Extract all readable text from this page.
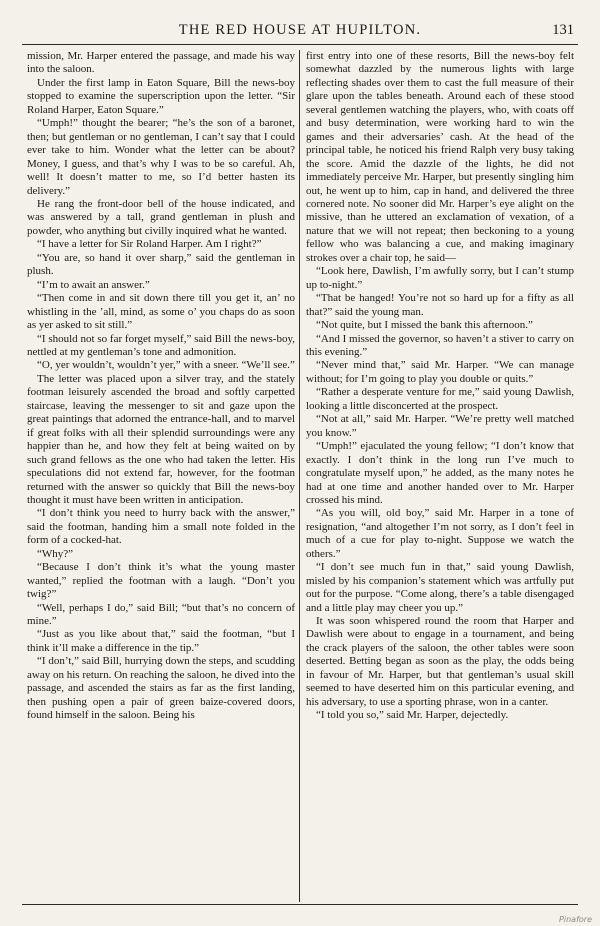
THE RED HOUSE AT HUPILTON.	131

mission, Mr. Harper entered the passage, and made his way into the saloon.

Under the first lamp in Eaton Square, Bill the news-boy stopped to examine the superscription upon the letter. “Sir Roland Harper, Eaton Square.”

“Umph!” thought the bearer; “he’s the son of a baronet, then; but gentleman or no gentleman, I can’t say that I could ever take to him. Wonder what the letter can be about? Money, I guess, and that’s why I was to be so careful. Ah, well! It doesn’t matter to me, so I’d better hasten its delivery.”

He rang the front-door bell of the house indicated, and was answered by a tall, grand gentleman in plush and powder, who anything but civilly inquired what he wanted.

“I have a letter for Sir Roland Harper. Am I right?”

“You are, so hand it over sharp,” said the gentleman in plush.

“I’m to await an answer.”

“Then come in and sit down there till you get it, an’ no whistling in the ’all, mind, as some o’ you chaps do as soon as yer asked to sit still.”

“I should not so far forget myself,” said Bill the news-boy, nettled at my gentleman’s tone and admonition.

“O, yer wouldn’t, wouldn’t yer,” with a sneer. “We’ll see.”

The letter was placed upon a silver tray, and the stately footman leisurely ascended the broad and softly carpetted staircase, leaving the messenger to sit and gaze upon the great paintings that adorned the entrance-hall, and to marvel if great folks with all their splendid surroundings were any happier than he, and how they felt at being waited on by such grand fellows as the one who had taken the letter. His speculations did not extend far, however, for the footman returned with the answer so quickly that Bill the news-boy thought it must have been written in anticipation.

“I don’t think you need to hurry back with the answer,” said the footman, handing him a small note folded in the form of a cocked-hat.

“Why?”

“Because I don’t think it’s what the young master wanted,” replied the footman with a laugh. “Don’t you twig?”

“Well, perhaps I do,” said Bill; “but that’s no concern of mine.”

“Just as you like about that,” said the footman, “but I think it’ll make a difference in the tip.”

“I don’t,” said Bill, hurrying down the steps, and scudding away on his return. On reaching the saloon, he dived into the passage, and ascended the stairs as far as the first landing, then pushing open a pair of green baize-covered doors, found himself in the saloon. Being his

first entry into one of these resorts, Bill the news-boy felt somewhat dazzled by the numerous lights with large reflecting shades over them to cast the full measure of their glare upon the tables beneath. Around each of these stood several gentlemen watching the players, who, with coats off and busy determination, were working hard to win the games and their adversaries’ cash. At the head of the principal table, he noticed his friend Ralph very busy taking the score. Amid the dazzle of the lights, he did not immediately perceive Mr. Harper, but presently singling him out, he went up to him, cap in hand, and delivered the three cornered note. No sooner did Mr. Harper’s eye alight on the missive, than he uttered an exclamation of vexation, of a nature that we will not repeat; then beckoning to a young fellow who was balancing a cue, and making imaginary strokes over a chair top, he said—

“Look here, Dawlish, I’m awfully sorry, but I can’t stump up to-night.”

“That be hanged! You’re not so hard up for a fifty as all that?” said the young man.

“Not quite, but I missed the bank this afternoon.”

“And I missed the governor, so haven’t a stiver to carry on this evening.”

“Never mind that,” said Mr. Harper. “We can manage without; for I’m going to play you double or quits.”

“Rather a desperate venture for me,” said young Dawlish, looking a little disconcerted at the prospect.

“Not at all,” said Mr. Harper. “We’re pretty well matched you know.”

“Umph!” ejaculated the young fellow; “I don’t know that exactly. I don’t think in the long run I’ve much to congratulate myself upon,” he added, as the many notes he had at one time and another handed over to Mr. Harper crossed his mind.

“As you will, old boy,” said Mr. Harper in a tone of resignation, “and altogether I’m not sorry, as I don’t feel in much of a cue for play to-night. Suppose we watch the others.”

“I don’t see much fun in that,” said young Dawlish, misled by his companion’s statement which was artfully put out for the purpose. “Come along, there’s a table disengaged and a little play may cheer you up.”

It was soon whispered round the room that Harper and Dawlish were about to engage in a tournament, and being the crack players of the saloon, the other tables were soon deserted. Betting began as soon as the play, the odds being in favour of Mr. Harper, but that gentleman’s usual skill seemed to have deserted him on this particular evening, and his adversary, to use a sporting phrase, won in a canter.

“I told you so,” said Mr. Harper, dejectedly.

Pinafore
